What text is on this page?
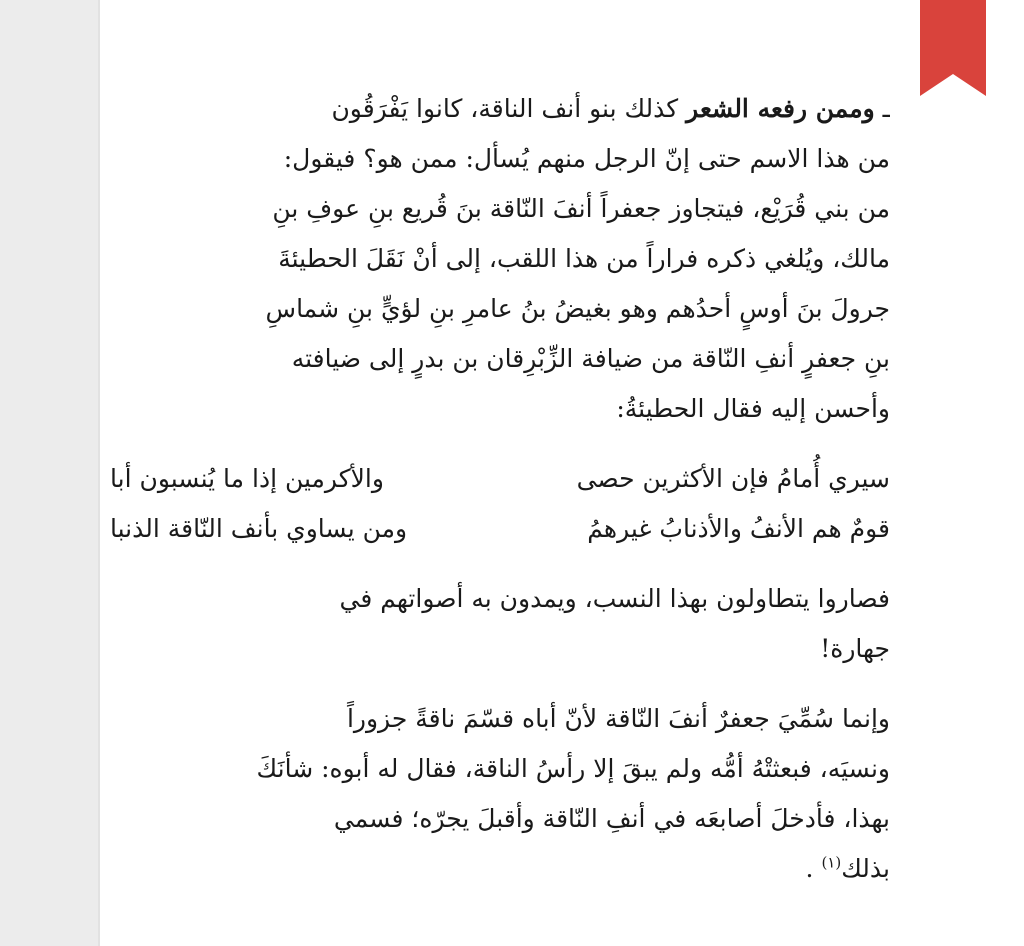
ـ وممن رفعه الشعر كذلك بنو أنف الناقة، كانوا يَفْرَقُون
من هذا الاسم حتى إنّ الرجل منهم يُسأل: ممن هو؟ فيقول:
من بني قُرَيْع، فيتجاوز جعفراً أنفَ النّاقة بنَ قُريع بنِ عوفِ بنِ
مالك، ويُلغي ذكره فراراً من هذا اللقب، إلى أنْ نَقَلَ الحطيئةَ
جرولَ بنَ أوسٍ أحدُهم وهو بغيضُ بنُ عامرِ بنِ لؤيٍّ بنِ شماسِ
بنِ جعفرٍ أنفِ النّاقة من ضيافة الزِّبْرِقان بن بدرٍ إلى ضيافته
وأحسن إليه فقال الحطيئةُ:
سيري أُمامُ فإن الأكثرين حصى
والأكرمين إذا ما يُنسبون أبا
قومٌ هم الأنفُ والأذنابُ غيرهمُ
ومن يساوي بأنف النّاقة الذنبا
فصاروا يتطاولون بهذا النسب، ويمدون به أصواتهم في
جهارة!
وإنما سُمِّيَ جعفرٌ أنفَ النّاقة لأنّ أباه قسّمَ ناقةً جزوراً
ونسيَه، فبعثتْهُ أمُّه ولم يبقَ إلا رأسُ الناقة، فقال له أبوه: شأنَكَ
بهذا، فأدخلَ أصابعَه في أنفِ النّاقة وأقبلَ يجرّه؛ فسمي
بذلك$^{(١)}$ .
